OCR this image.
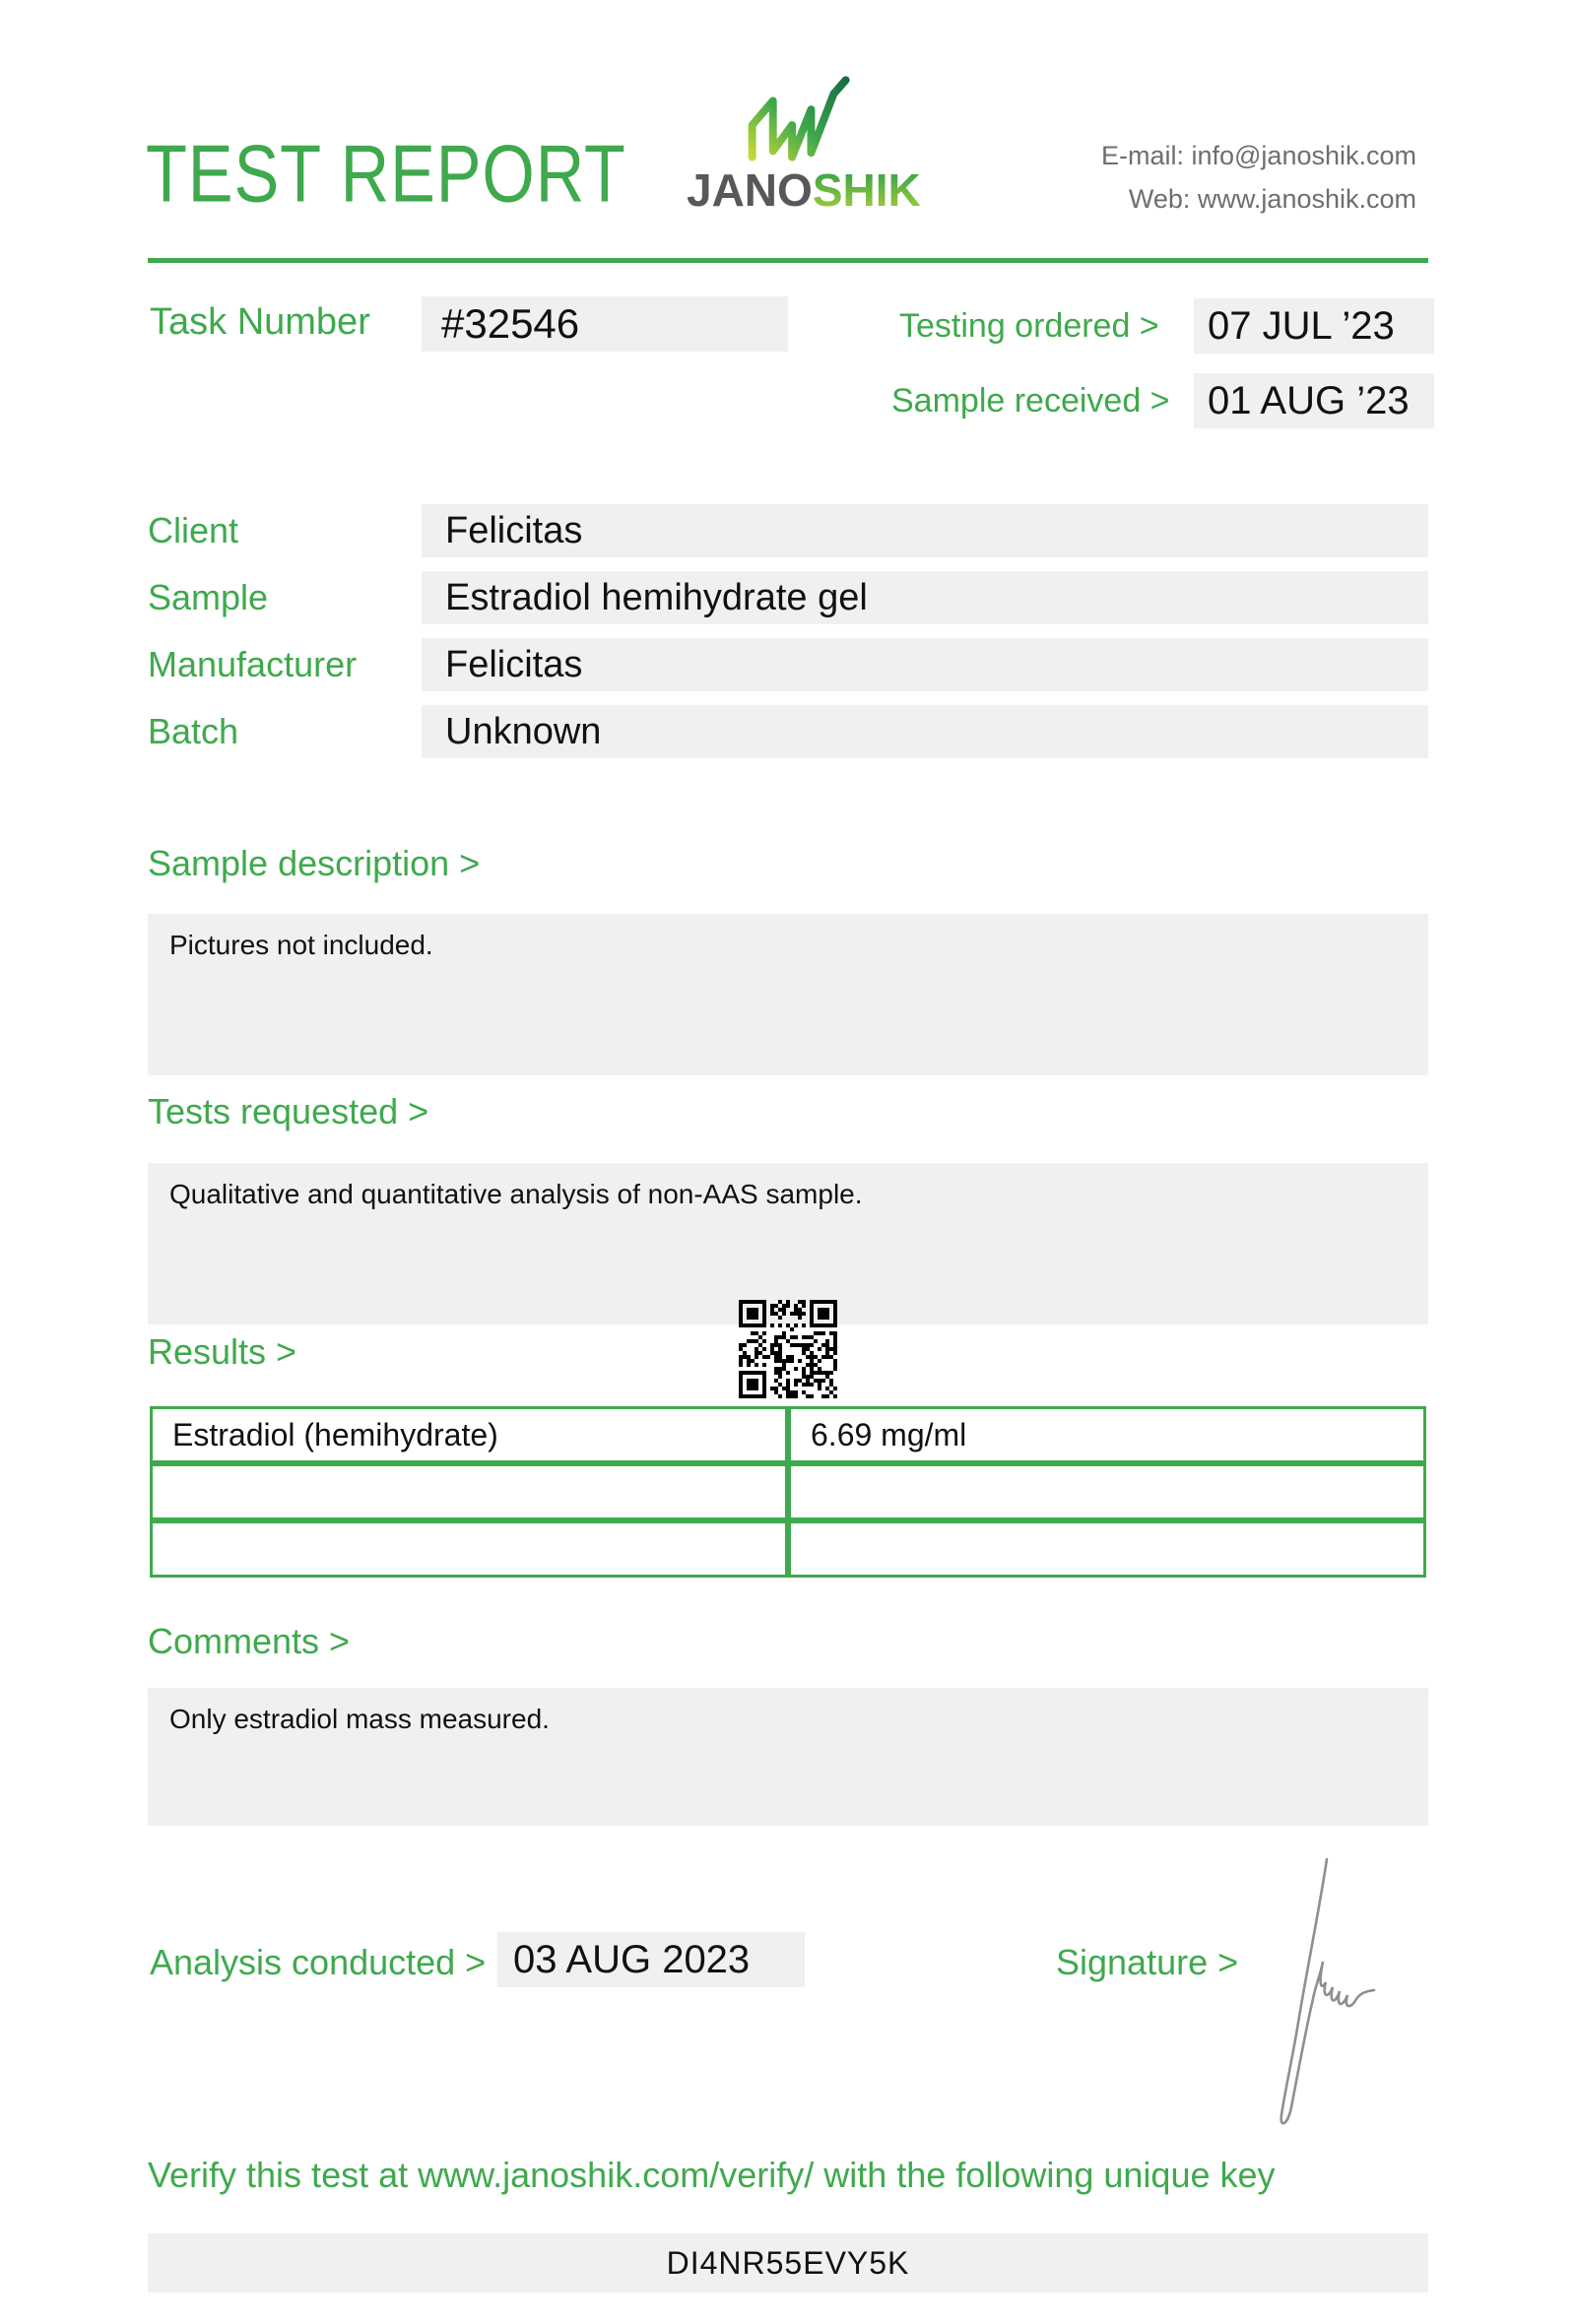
TEST REPORT JANOSHIK
E-mail: info@janoshik.com
Web: www.janoshik.com
Task Number	#32546	Testing ordered >	07 JUL ’23
Sample received > 01 AUG ’23
Client	Felicitas
Sample	Estradiol hemihydrate gel
Manufacturer	Felicitas
Batch	Unknown
Sample description >
Pictures not included.
Tests requested >
Qualitative and quantitative analysis of non-AAS sample.
Results >
Estradiol (hemihydrate)	6.69 mg/ml

Comments >
Only estradiol mass measured.
Analysis conducted > 03 AUG 2023	Signature >
Verify this test at www.janoshik.com/verify/ with the following unique key
DI4NR55EVY5K
